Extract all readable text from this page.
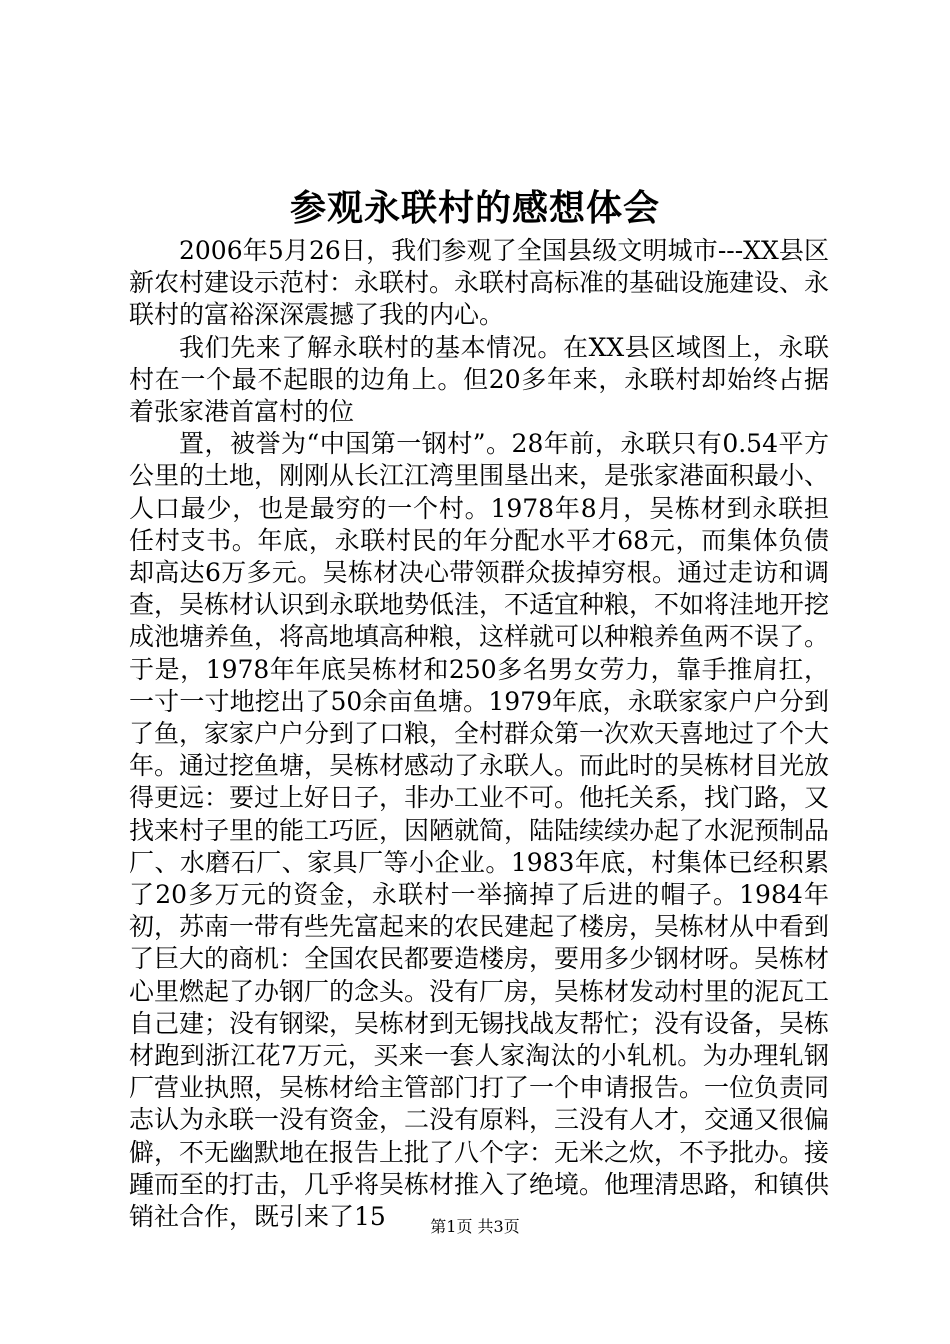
参观永联村的感想体会

2006年5月26日，我们参观了全国县级文明城市---XX县区新农村建设示范村：永联村。永联村高标准的基础设施建设、永联村的富裕深深震撼了我的内心。

我们先来了解永联村的基本情况。在XX县区域图上，永联村在一个最不起眼的边角上。但20多年来，永联村却始终占据着张家港首富村的位

置，被誉为“中国第一钢村”。28年前，永联只有0.54平方公里的土地，刚刚从长江江湾里围垦出来，是张家港面积最小、人口最少，也是最穷的一个村。1978年8月，吴栋材到永联担任村支书。年底，永联村民的年分配水平才68元，而集体负债却高达6万多元。吴栋材决心带领群众拔掉穷根。通过走访和调查，吴栋材认识到永联地势低洼，不适宜种粮，不如将洼地开挖成池塘养鱼，将高地填高种粮，这样就可以种粮养鱼两不误了。于是，1978年年底吴栋材和250多名男女劳力，靠手推肩扛，一寸一寸地挖出了50余亩鱼塘。1979年底，永联家家户户分到了鱼，家家户户分到了口粮，全村群众第一次欢天喜地过了个大年。通过挖鱼塘，吴栋材感动了永联人。而此时的吴栋材目光放得更远：要过上好日子，非办工业不可。他托关系，找门路，又找来村子里的能工巧匠，因陋就简，陆陆续续办起了水泥预制品厂、水磨石厂、家具厂等小企业。1983年底，村集体已经积累了20多万元的资金，永联村一举摘掉了后进的帽子。1984年初，苏南一带有些先富起来的农民建起了楼房，吴栋材从中看到了巨大的商机：全国农民都要造楼房，要用多少钢材呀。吴栋材心里燃起了办钢厂的念头。没有厂房，吴栋材发动村里的泥瓦工自己建；没有钢梁，吴栋材到无锡找战友帮忙；没有设备，吴栋材跑到浙江花7万元，买来一套人家淘汰的小轧机。为办理轧钢厂营业执照，吴栋材给主管部门打了一个申请报告。一位负责同志认为永联一没有资金，二没有原料，三没有人才，交通又很偏僻，不无幽默地在报告上批了八个字：无米之炊，不予批办。接踵而至的打击，几乎将吴栋材推入了绝境。他理清思路，和镇供销社合作，既引来了15	第1页 共3页
